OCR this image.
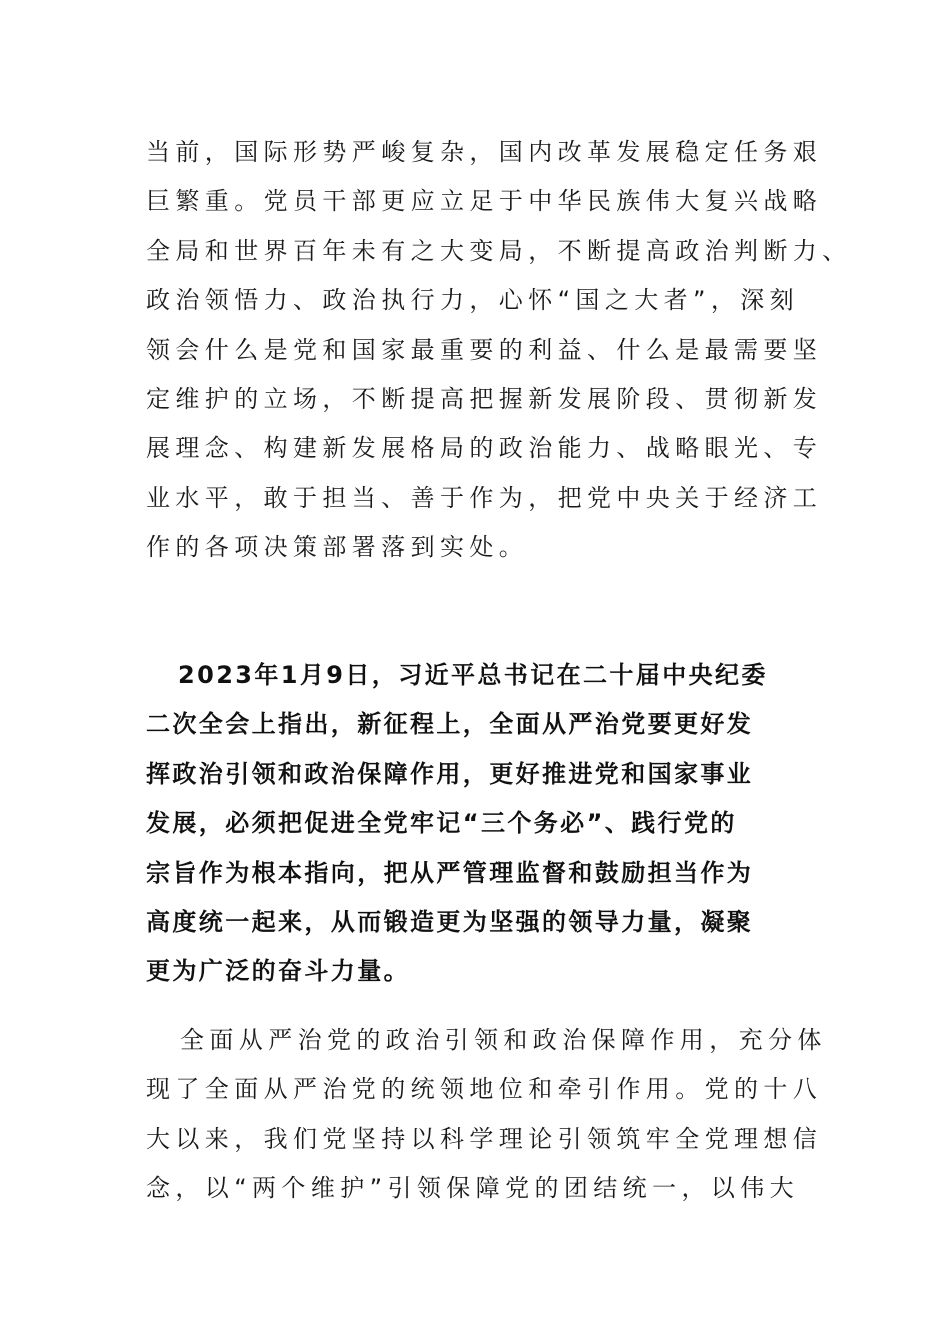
当前，国际形势严峻复杂，国内改革发展稳定任务艰
巨繁重。党员干部更应立足于中华民族伟大复兴战略
全局和世界百年未有之大变局，不断提高政治判断力、
政治领悟力、政治执行力，心怀“国之大者”，深刻
领会什么是党和国家最重要的利益、什么是最需要坚
定维护的立场，不断提高把握新发展阶段、贯彻新发
展理念、构建新发展格局的政治能力、战略眼光、专
业水平，敢于担当、善于作为，把党中央关于经济工
作的各项决策部署落到实处。
2023年1月9日，习近平总书记在二十届中央纪委
二次全会上指出，新征程上，全面从严治党要更好发
挥政治引领和政治保障作用，更好推进党和国家事业
发展，必须把促进全党牢记“三个务必”、践行党的
宗旨作为根本指向，把从严管理监督和鼓励担当作为
高度统一起来，从而锻造更为坚强的领导力量，凝聚
更为广泛的奋斗力量。
全面从严治党的政治引领和政治保障作用，充分体
现了全面从严治党的统领地位和牵引作用。党的十八
大以来，我们党坚持以科学理论引领筑牢全党理想信
念，以“两个维护”引领保障党的团结统一，以伟大
